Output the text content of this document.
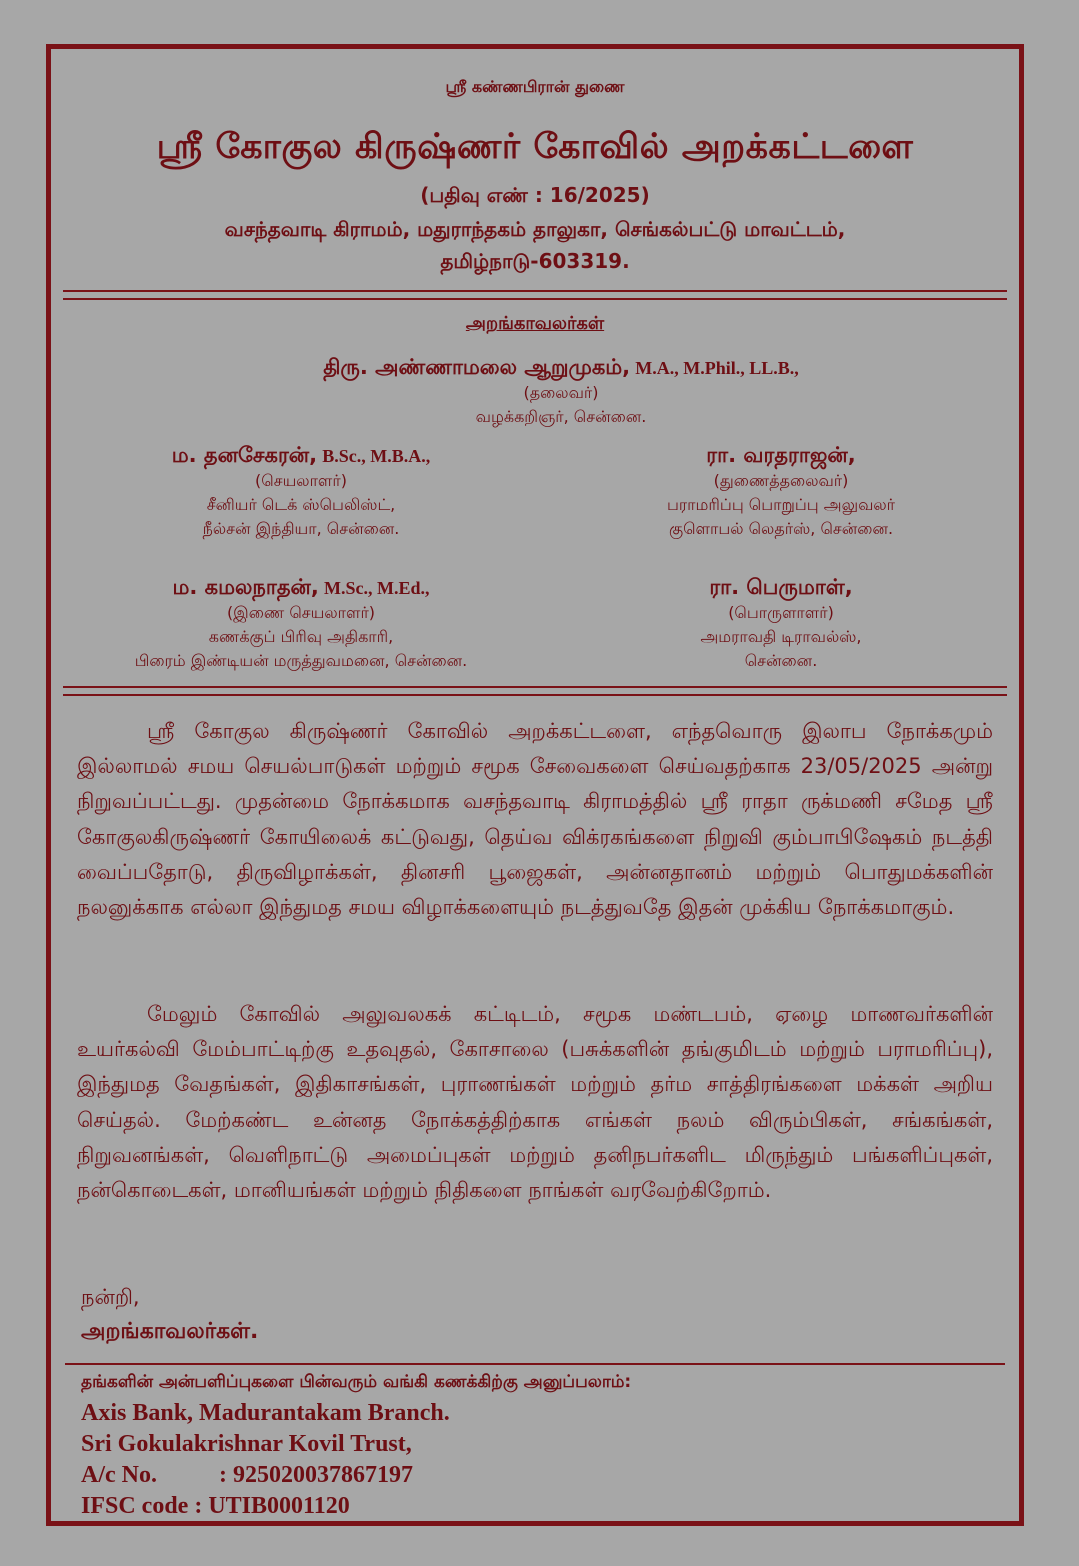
ஸ்ரீ கண்ணபிரான் துணை
ஸ்ரீ கோகுல கிருஷ்ணர் கோவில் அறக்கட்டளை
(பதிவு எண் : 16/2025)
வசந்தவாடி கிராமம், மதுராந்தகம் தாலுகா, செங்கல்பட்டு மாவட்டம்,
தமிழ்நாடு-603319.
அறங்காவலர்கள்
திரு. அண்ணாமலை ஆறுமுகம், M.A., M.Phil., LL.B.,
(தலைவர்)
வழக்கறிஞர், சென்னை.
ம. தனசேகரன், B.Sc., M.B.A.,
(செயலாளர்)
சீனியர் டெக் ஸ்பெலிஸ்ட்,
நீல்சன் இந்தியா, சென்னை.
ரா. வரதராஜன்,
(துணைத்தலைவர்)
பராமரிப்பு பொறுப்பு அலுவலர்
குளொபல் லெதர்ஸ், சென்னை.
ம. கமலநாதன், M.Sc., M.Ed.,
(இணை செயலாளர்)
கணக்குப் பிரிவு அதிகாரி,
பிரைம் இண்டியன் மருத்துவமனை, சென்னை.
ரா. பெருமாள்,
(பொருளாளர்)
அமராவதி டிராவல்ஸ்,
சென்னை.

ஸ்ரீ கோகுல கிருஷ்ணர் கோவில் அறக்கட்டளை, எந்தவொரு இலாப நோக்கமும் இல்லாமல் சமய செயல்பாடுகள் மற்றும் சமூக சேவைகளை செய்வதற்காக 23/05/2025 அன்று நிறுவப்பட்டது. முதன்மை நோக்கமாக வசந்தவாடி கிராமத்தில் ஸ்ரீ ராதா ருக்மணி சமேத ஸ்ரீ கோகுலகிருஷ்ணர் கோயிலைக் கட்டுவது, தெய்வ விக்ரகங்களை நிறுவி கும்பாபிஷேகம் நடத்தி வைப்பதோடு, திருவிழாக்கள், தினசரி பூஜைகள், அன்னதானம் மற்றும் பொதுமக்களின் நலனுக்காக எல்லா இந்துமத சமய விழாக்களையும் நடத்துவதே இதன் முக்கிய நோக்கமாகும்.

மேலும் கோவில் அலுவலகக் கட்டிடம், சமூக மண்டபம், ஏழை மாணவர்களின் உயர்கல்வி மேம்பாட்டிற்கு உதவுதல், கோசாலை (பசுக்களின் தங்குமிடம் மற்றும் பராமரிப்பு), இந்துமத வேதங்கள், இதிகாசங்கள், புராணங்கள் மற்றும் தர்ம சாத்திரங்களை மக்கள் அறிய செய்தல். மேற்கண்ட உன்னத நோக்கத்திற்காக எங்கள் நலம் விரும்பிகள், சங்கங்கள், நிறுவனங்கள், வெளிநாட்டு அமைப்புகள் மற்றும் தனிநபர்களிட மிருந்தும் பங்களிப்புகள், நன்கொடைகள், மானியங்கள் மற்றும் நிதிகளை நாங்கள் வரவேற்கிறோம்.

நன்றி,
அறங்காவலர்கள்.
தங்களின் அன்பளிப்புகளை பின்வரும் வங்கி கணக்கிற்கு அனுப்பலாம்:
Axis Bank, Madurantakam Branch.
Sri Gokulakrishnar Kovil Trust,
A/c No.	: 925020037867197
IFSC code : UTIB0001120
